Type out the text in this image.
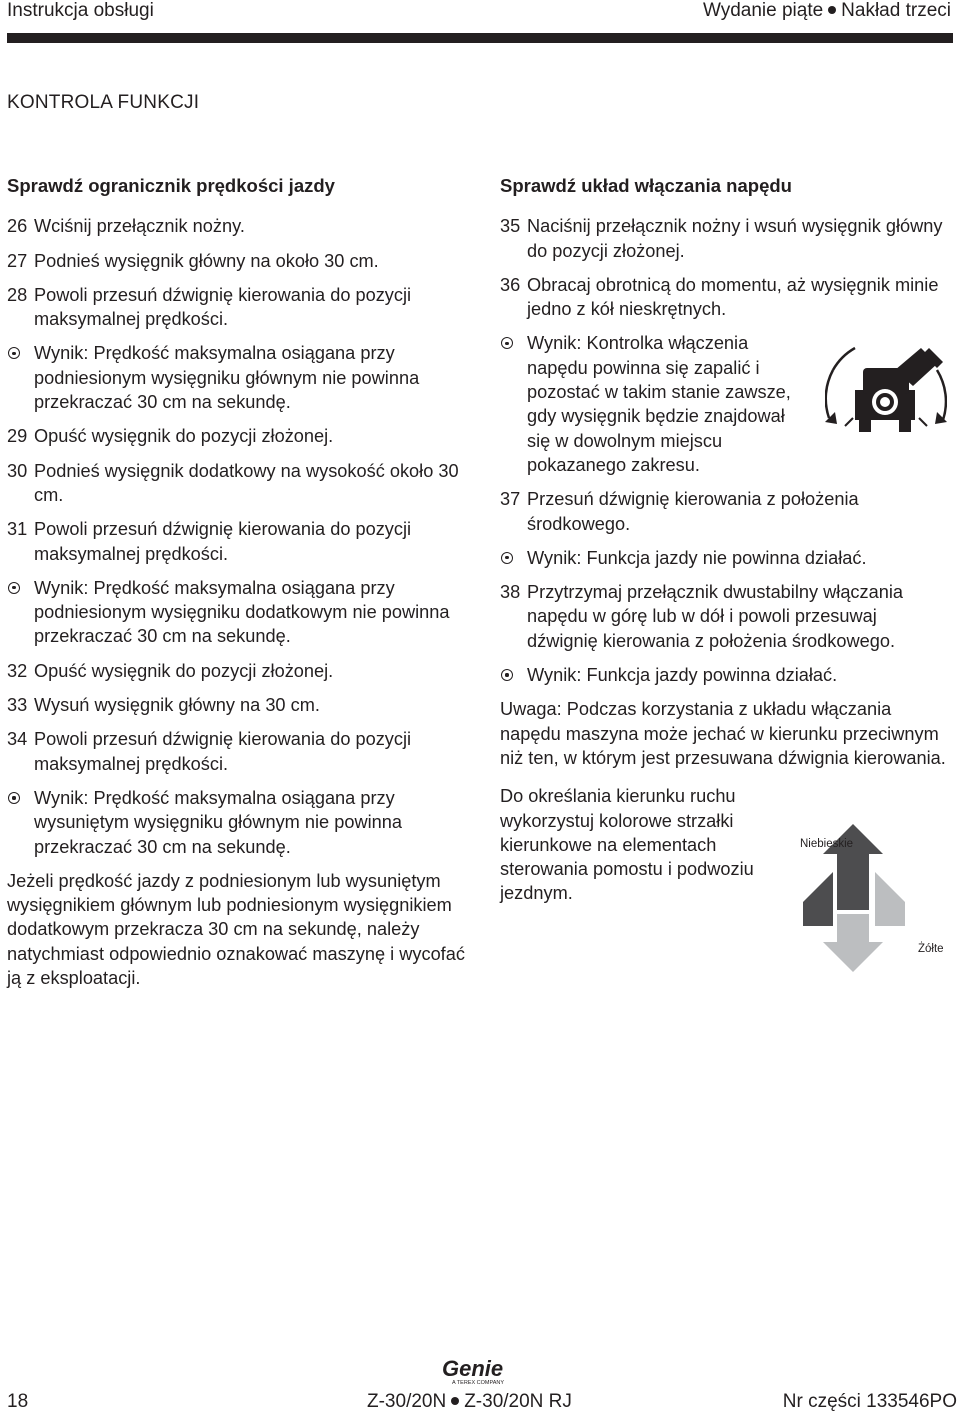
Instrukcja obsługi	Wydanie piąte Nakład trzeci
KONTROLA FUNKCJI
Sprawdź ogranicznik prędkości jazdy
26 Wciśnij przełącznik nożny.
27 Podnieś wysięgnik główny na około 30 cm.
28 Powoli przesuń dźwignię kierowania do pozycji maksymalnej prędkości.
Wynik: Prędkość maksymalna osiągana przy podniesionym wysięgniku głównym nie powinna przekraczać 30 cm na sekundę.
29 Opuść wysięgnik do pozycji złożonej.
30 Podnieś wysięgnik dodatkowy na wysokość około 30 cm.
31 Powoli przesuń dźwignię kierowania do pozycji maksymalnej prędkości.
Wynik: Prędkość maksymalna osiągana przy podniesionym wysięgniku dodatkowym nie powinna przekraczać 30 cm na sekundę.
32 Opuść wysięgnik do pozycji złożonej.
33 Wysuń wysięgnik główny na 30 cm.
34 Powoli przesuń dźwignię kierowania do pozycji maksymalnej prędkości.
Wynik: Prędkość maksymalna osiągana przy wysuniętym wysięgniku głównym nie powinna przekraczać 30 cm na sekundę.

Jeżeli prędkość jazdy z podniesionym lub wysuniętym wysięgnikiem głównym lub podniesionym wysięgnikiem dodatkowym przekracza 30 cm na sekundę, należy natychmiast odpowiednio oznakować maszynę i wycofać ją z eksploatacji.

Sprawdź układ włączania napędu
35 Naciśnij przełącznik nożny i wsuń wysięgnik główny do pozycji złożonej.
36 Obracaj obrotnicą do momentu, aż wysięgnik minie jedno z kół nieskrętnych.
Wynik: Kontrolka włączenia napędu powinna się zapalić i pozostać w takim stanie zawsze, gdy wysięgnik będzie znajdował się w dowolnym miejscu pokazanego zakresu.
37 Przesuń dźwignię kierowania z położenia środkowego.
Wynik: Funkcja jazdy nie powinna działać.
38 Przytrzymaj przełącznik dwustabilny włączania napędu w górę lub w dół i powoli przesuwaj dźwignię kierowania z położenia środkowego.
Wynik: Funkcja jazdy powinna działać.

Uwaga: Podczas korzystania z układu włączania napędu maszyna może jechać w kierunku przeciwnym niż ten, w którym jest przesuwana dźwignia kierowania.

Do określania kierunku ruchu wykorzystuj kolorowe strzałki kierunkowe na elementach sterowania pomostu i podwoziu jezdnym.

Niebieskie
Żółte
Genie
A TEREX COMPANY
18	Z-30/20N Z-30/20N RJ	Nr części 133546PO
